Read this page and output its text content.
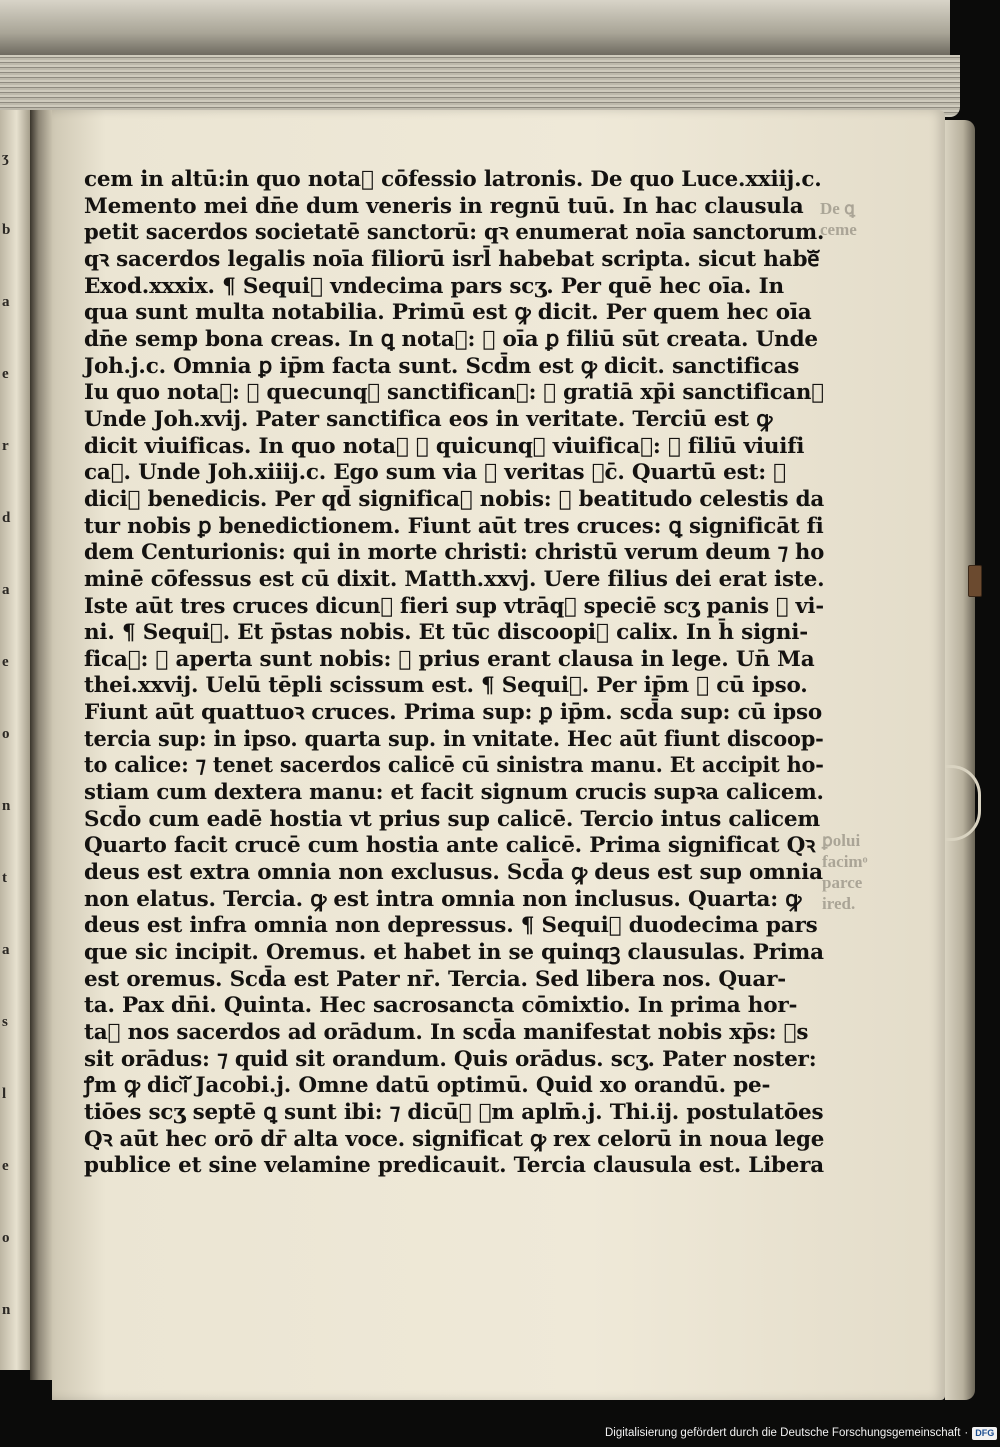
ʒ
b
a
e
r
d
a
e
o
n
t
a
s
l
e
o
n
De ꝗ
ceme
ꝑoluiᷓ
facimͦ
parce
ired.
cem in altū:in quo notaᷓ cōfessio latronis. De quo Luce.xxiij.c.
Memento mei dn̄e dum veneris in regnū tuū. In hac clausula
petit sacerdos societatē sanctorū: qꝛ enumerat noīa sanctorum.
qꝛ sacerdos legalis noīa filiorū isrl̄ habebat scripta. sicut habeᷓ
Exod.xxxix. ¶ Sequiᷓ vndecima pars scʒ. Per quē hec oīa. In
qua sunt multa notabilia. Primū est ꝙ dicit. Per quem hec oīa
dn̄e semp bona creas. In ꝗ notaᷓ: ꝙ oīa ꝑ filiū sūt creata. Unde
Joh.j.c. Omnia ꝑ ip̄m facta sunt. Scd̄m est ꝙ dicit. sanctificas
Iu quo notaᷓ: ꝙ quecunqꝫ sanctificanᷓ: ꝑ gratiā xp̄i sanctificanᷓ
Unde Joh.xvij. Pater sanctifica eos in veritate. Terciū est ꝙ
dicit viuificas. In quo notaᷓ ꝙ quicunqꝫ viuificaᷓ: ꝑ filiū viuifi
caᷓ. Unde Joh.xiiij.c. Ego sum via ⁊ veritas ⁊c̄. Quartū est: ꝙ
diciᷓ benedicis. Per qd̄ significaᷓ nobis: ꝙ beatitudo celestis da
tur nobis ꝑ benedictionem. Fiunt aūt tres cruces: ꝗ significāt fi
dem Centurionis: qui in morte christi: christū verum deum ⁊ ho
minē cōfessus est cū dixit. Matth.xxvj. Uere filius dei erat iste.
Iste aūt tres cruces dicunᷓ fieri sup vtrāqꝫ speciē scʒ panis ⁊ vi-
ni. ¶ Sequiᷓ. Et p̄stas nobis. Et tūc discoopiᷓ calix. In h̄ signi-
ficaᷓ: ꝙ aperta sunt nobis: ꝗ prius erant clausa in lege. Un̄ Ma
thei.xxvij. Uelū tēpli scissum est. ¶ Sequiᷓ. Per ip̄m ⁊ cū ipso.
Fiunt aūt quattuoꝛ cruces. Prima sup: ꝑ ip̄m. scd̄a sup: cū ipso
tercia sup: in ipso. quarta sup. in vnitate. Hec aūt fiunt discoop-
to calice: ⁊ tenet sacerdos calicē cū sinistra manu. Et accipit ho-
stiam cum dextera manu: et facit signum crucis supꝛa calicem.
Scd̄o cum eadē hostia vt prius sup calicē. Tercio intus calicem
Quarto facit crucē cum hostia ante calicē. Prima significat Qꝛ
deus est extra omnia non exclusus. Scd̄a ꝙ deus est sup omnia
non elatus. Tercia. ꝙ est intra omnia non inclusus. Quarta: ꝙ
deus est infra omnia non depressus. ¶ Sequiᷓ duodecima pars
que sic incipit. Oremus. et habet in se quinqꝫ clausulas. Prima
est oremus. Scd̄a est Pater nr̄. Tercia. Sed libera nos. Quar-
ta. Pax dn̄i. Quinta. Hec sacrosancta cōmixtio. In prima hor-
taᷓ nos sacerdos ad orādum. In scd̄a manifestat nobis xp̄s: ꝗs
sit orādus: ⁊ quid sit orandum. Quis orādus. scʒ. Pater noster:
ꝭm ꝙ diciᷓ Jacobi.j. Omne datū optimū. Quid xo orandū. pe-
tiōes scʒ septē ꝗ sunt ibi: ⁊ dicūᷓ ꝭm aplm̄.j. Thi.ij. postulatōes
Qꝛ aūt hec orō dr̄ alta voce. significat ꝙ rex celorū in noua lege
publice et sine velamine predicauit. Tercia clausula est. Libera
Digitalisierung gefördert durch die Deutsche Forschungsgemeinschaft · DFG
